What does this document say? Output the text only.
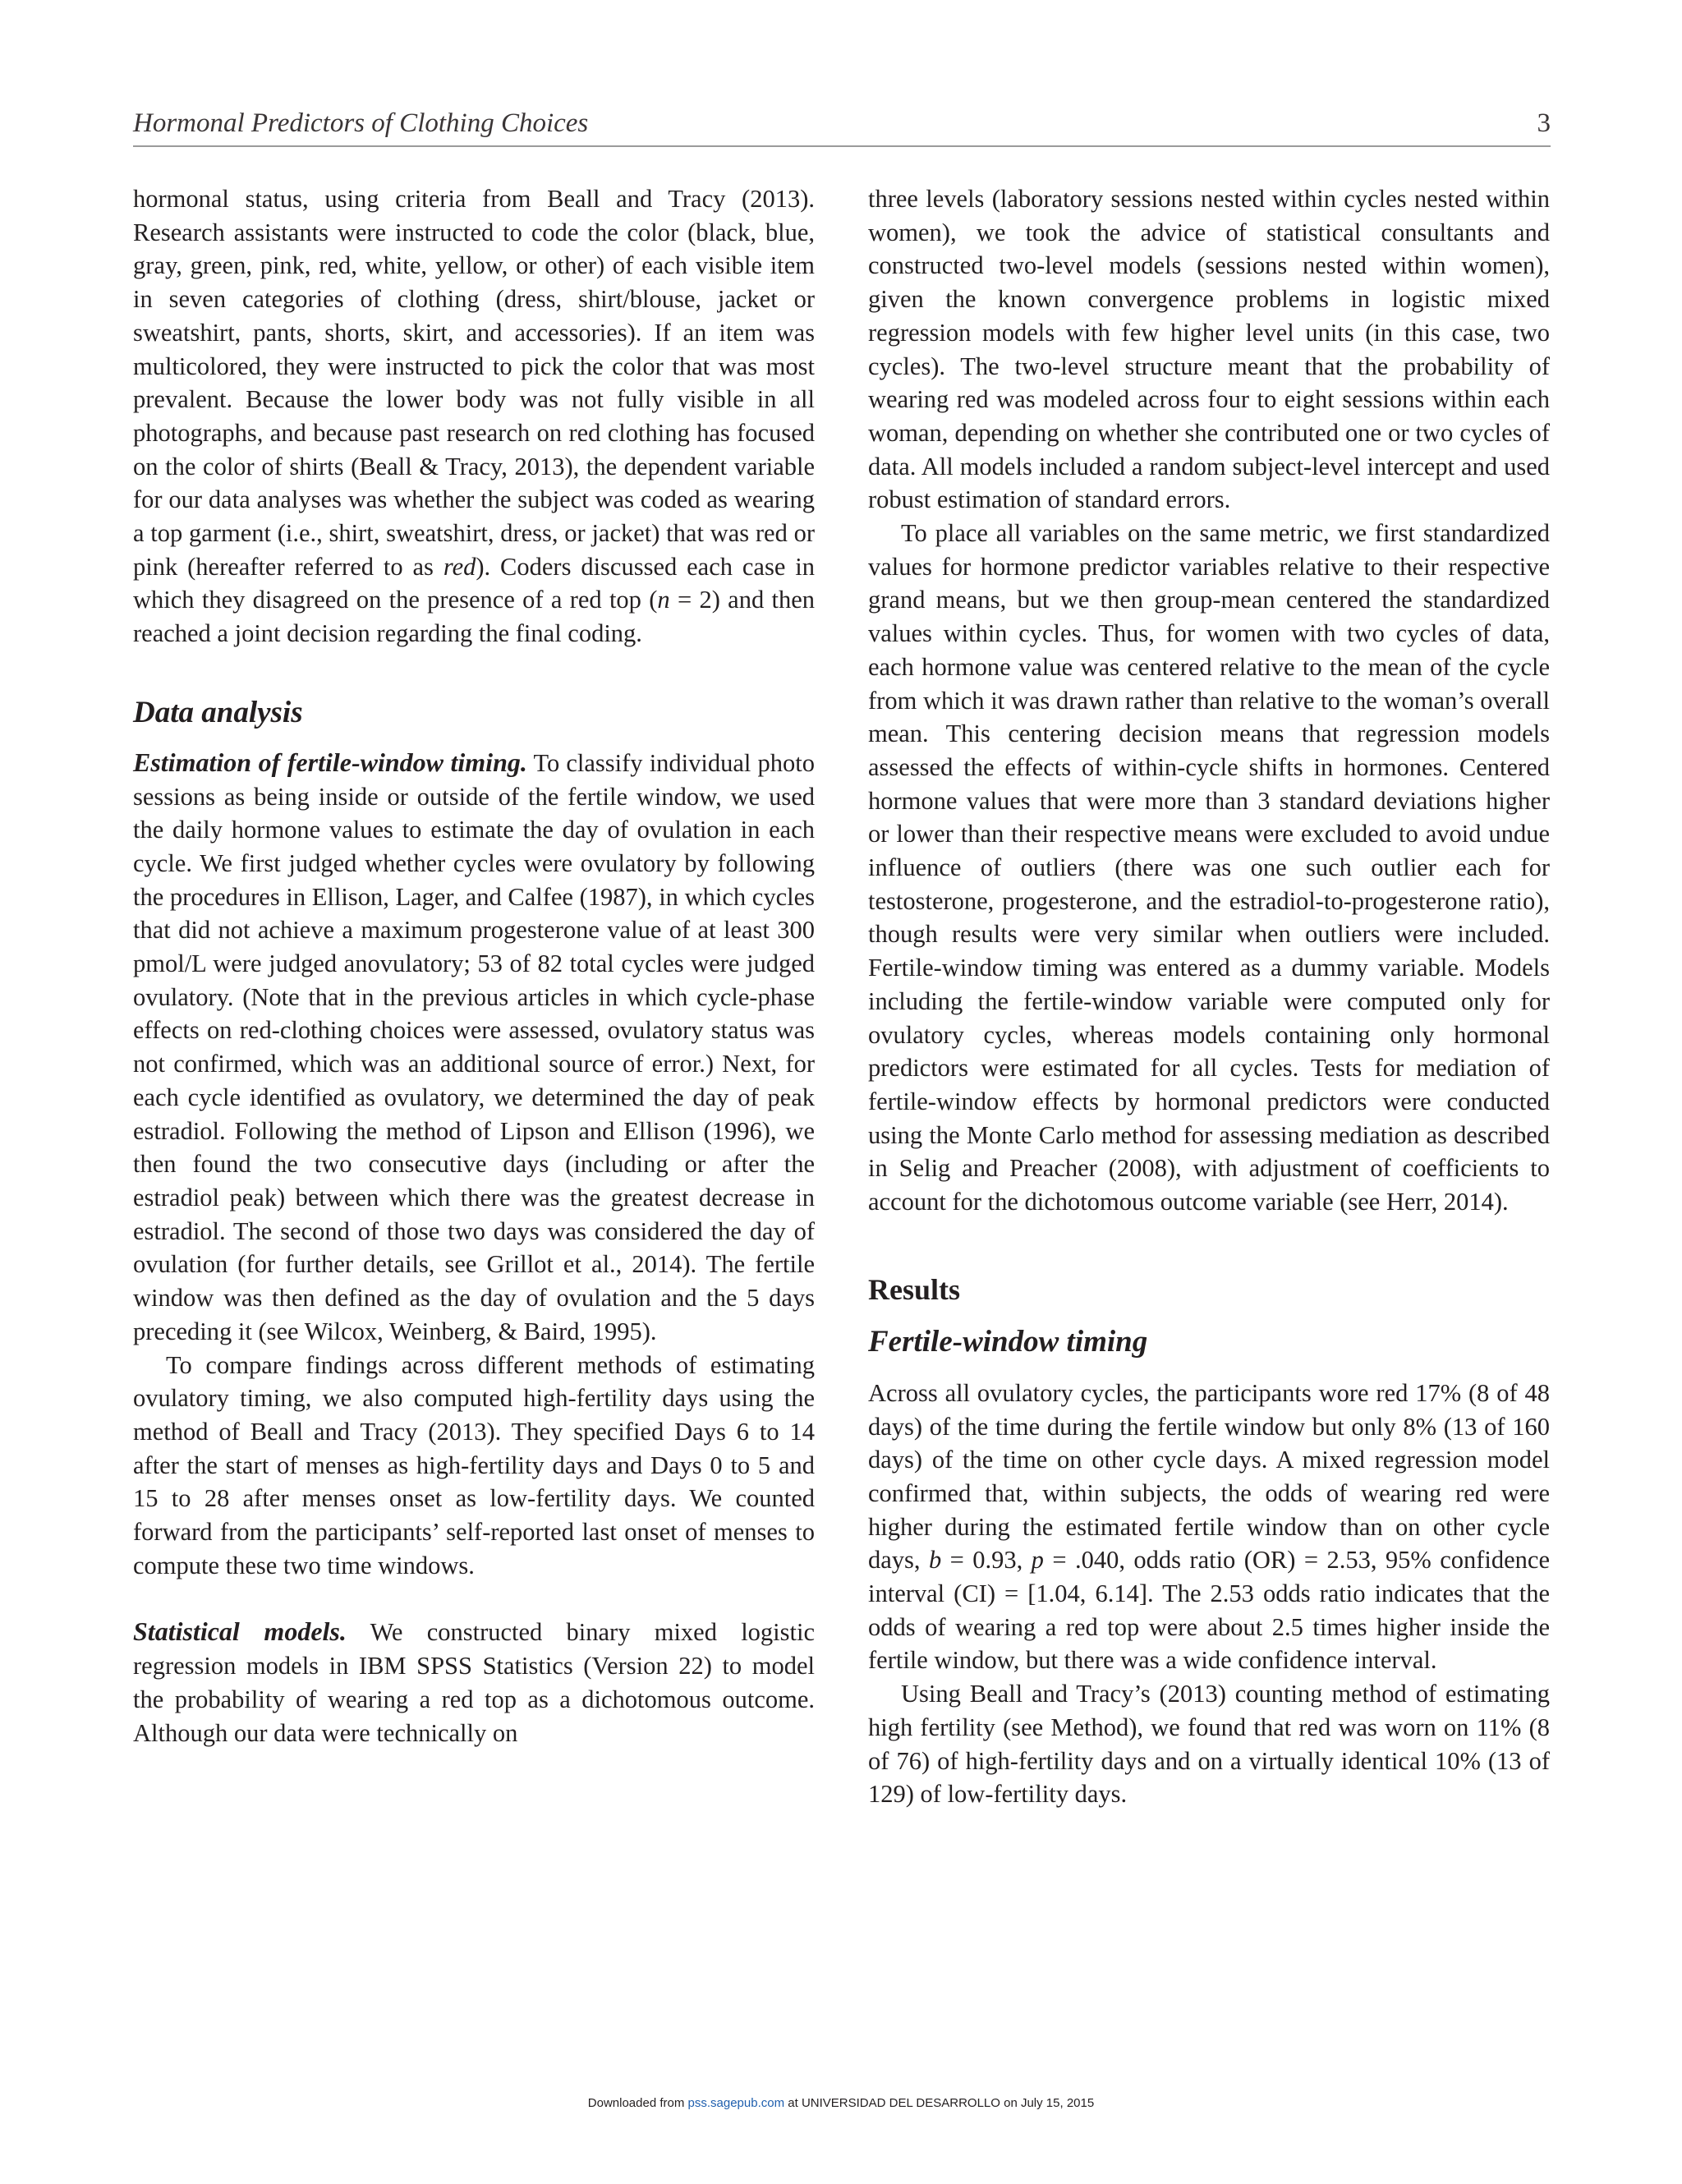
Hormonal Predictors of Clothing Choices	3

hormonal status, using criteria from Beall and Tracy (2013). Research assistants were instructed to code the color (black, blue, gray, green, pink, red, white, yellow, or other) of each visible item in seven categories of clothing (dress, shirt/blouse, jacket or sweatshirt, pants, shorts, skirt, and accessories). If an item was multicolored, they were instructed to pick the color that was most prevalent. Because the lower body was not fully visible in all photographs, and because past research on red clothing has focused on the color of shirts (Beall & Tracy, 2013), the dependent variable for our data analyses was whether the subject was coded as wearing a top garment (i.e., shirt, sweatshirt, dress, or jacket) that was red or pink (hereafter referred to as red). Coders discussed each case in which they disagreed on the presence of a red top (n = 2) and then reached a joint decision regarding the final coding.

Data analysis

Estimation of fertile-window timing. To classify individual photo sessions as being inside or outside of the fertile window, we used the daily hormone values to estimate the day of ovulation in each cycle. We first judged whether cycles were ovulatory by following the procedures in Ellison, Lager, and Calfee (1987), in which cycles that did not achieve a maximum progesterone value of at least 300 pmol/L were judged anovulatory; 53 of 82 total cycles were judged ovulatory. (Note that in the previous articles in which cycle-phase effects on red-clothing choices were assessed, ovulatory status was not confirmed, which was an additional source of error.) Next, for each cycle identified as ovulatory, we determined the day of peak estradiol. Following the method of Lipson and Ellison (1996), we then found the two consecutive days (including or after the estradiol peak) between which there was the greatest decrease in estradiol. The second of those two days was considered the day of ovulation (for further details, see Grillot et al., 2014). The fertile window was then defined as the day of ovulation and the 5 days preceding it (see Wilcox, Weinberg, & Baird, 1995).

To compare findings across different methods of estimating ovulatory timing, we also computed high-fertility days using the method of Beall and Tracy (2013). They specified Days 6 to 14 after the start of menses as high-fertility days and Days 0 to 5 and 15 to 28 after menses onset as low-fertility days. We counted forward from the participants’ self-reported last onset of menses to compute these two time windows.

Statistical models. We constructed binary mixed logistic regression models in IBM SPSS Statistics (Version 22) to model the probability of wearing a red top as a dichotomous outcome. Although our data were technically on

three levels (laboratory sessions nested within cycles nested within women), we took the advice of statistical consultants and constructed two-level models (sessions nested within women), given the known convergence problems in logistic mixed regression models with few higher level units (in this case, two cycles). The two-level structure meant that the probability of wearing red was modeled across four to eight sessions within each woman, depending on whether she contributed one or two cycles of data. All models included a random subject-level intercept and used robust estimation of standard errors.

To place all variables on the same metric, we first standardized values for hormone predictor variables relative to their respective grand means, but we then group-mean centered the standardized values within cycles. Thus, for women with two cycles of data, each hormone value was centered relative to the mean of the cycle from which it was drawn rather than relative to the woman’s overall mean. This centering decision means that regression models assessed the effects of within-cycle shifts in hormones. Centered hormone values that were more than 3 standard deviations higher or lower than their respective means were excluded to avoid undue influence of outliers (there was one such outlier each for testosterone, progesterone, and the estradiol-to-progesterone ratio), though results were very similar when outliers were included. Fertile-window timing was entered as a dummy variable. Models including the fertile-window variable were computed only for ovulatory cycles, whereas models containing only hormonal predictors were estimated for all cycles. Tests for mediation of fertile-window effects by hormonal predictors were conducted using the Monte Carlo method for assessing mediation as described in Selig and Preacher (2008), with adjustment of coefficients to account for the dichotomous outcome variable (see Herr, 2014).

Results
Fertile-window timing

Across all ovulatory cycles, the participants wore red 17% (8 of 48 days) of the time during the fertile window but only 8% (13 of 160 days) of the time on other cycle days. A mixed regression model confirmed that, within subjects, the odds of wearing red were higher during the estimated fertile window than on other cycle days, b = 0.93, p = .040, odds ratio (OR) = 2.53, 95% confidence interval (CI) = [1.04, 6.14]. The 2.53 odds ratio indicates that the odds of wearing a red top were about 2.5 times higher inside the fertile window, but there was a wide confidence interval.

Using Beall and Tracy’s (2013) counting method of estimating high fertility (see Method), we found that red was worn on 11% (8 of 76) of high-fertility days and on a virtually identical 10% (13 of 129) of low-fertility days.

Downloaded from pss.sagepub.com at UNIVERSIDAD DEL DESARROLLO on July 15, 2015
